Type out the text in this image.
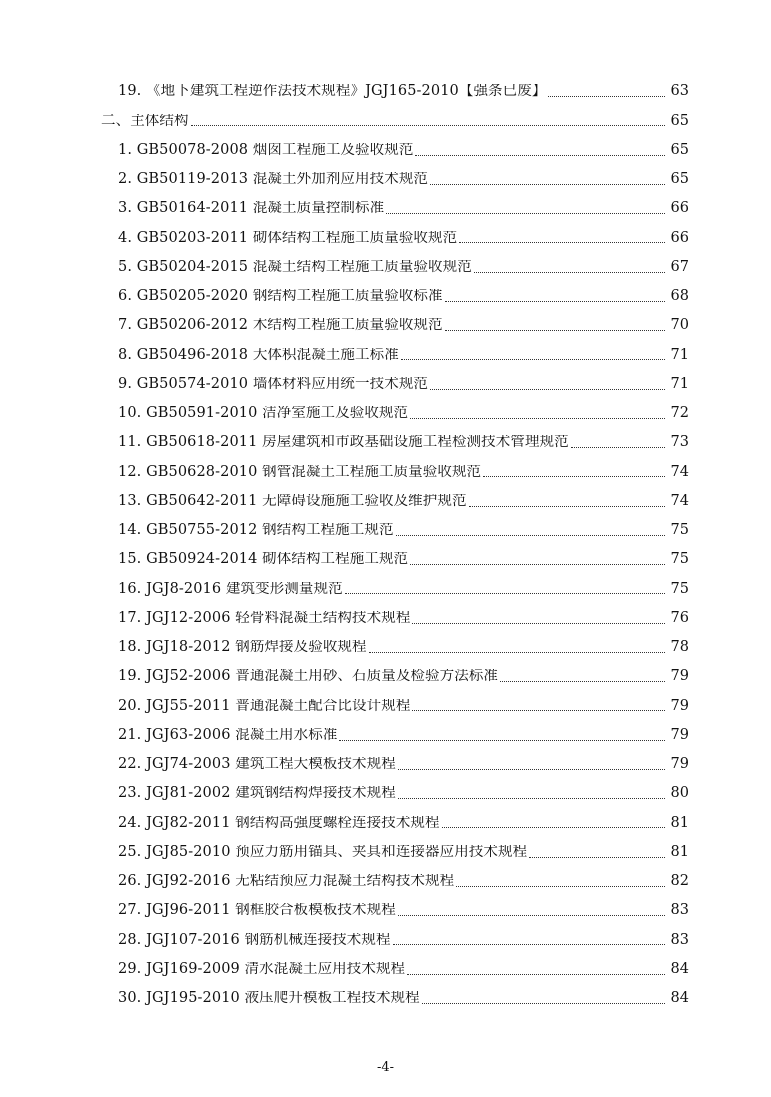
19. 《地下建筑工程逆作法技术规程》JGJ165-2010【强条已废】	63
二、主体结构	65
1. GB50078-2008 烟囱工程施工及验收规范	65
2. GB50119-2013 混凝土外加剂应用技术规范	65
3. GB50164-2011 混凝土质量控制标准	66
4. GB50203-2011 砌体结构工程施工质量验收规范	66
5. GB50204-2015 混凝土结构工程施工质量验收规范	67
6. GB50205-2020 钢结构工程施工质量验收标准	68
7. GB50206-2012 木结构工程施工质量验收规范	70
8. GB50496-2018 大体积混凝土施工标准	71
9. GB50574-2010 墙体材料应用统一技术规范	71
10. GB50591-2010 洁净室施工及验收规范	72
11. GB50618-2011 房屋建筑和市政基础设施工程检测技术管理规范	73
12. GB50628-2010 钢管混凝土工程施工质量验收规范	74
13. GB50642-2011 无障碍设施施工验收及维护规范	74
14. GB50755-2012 钢结构工程施工规范	75
15. GB50924-2014 砌体结构工程施工规范	75
16. JGJ8-2016 建筑变形测量规范	75
17. JGJ12-2006 轻骨料混凝土结构技术规程	76
18. JGJ18-2012 钢筋焊接及验收规程	78
19. JGJ52-2006 普通混凝土用砂、石质量及检验方法标准	79
20. JGJ55-2011 普通混凝土配合比设计规程	79
21. JGJ63-2006 混凝土用水标准	79
22. JGJ74-2003 建筑工程大模板技术规程	79
23. JGJ81-2002 建筑钢结构焊接技术规程	80
24. JGJ82-2011 钢结构高强度螺栓连接技术规程	81
25. JGJ85-2010 预应力筋用锚具、夹具和连接器应用技术规程	81
26. JGJ92-2016 无粘结预应力混凝土结构技术规程	82
27. JGJ96-2011 钢框胶合板模板技术规程	83
28. JGJ107-2016 钢筋机械连接技术规程	83
29. JGJ169-2009 清水混凝土应用技术规程	84
30. JGJ195-2010 液压爬升模板工程技术规程	84
-4-
